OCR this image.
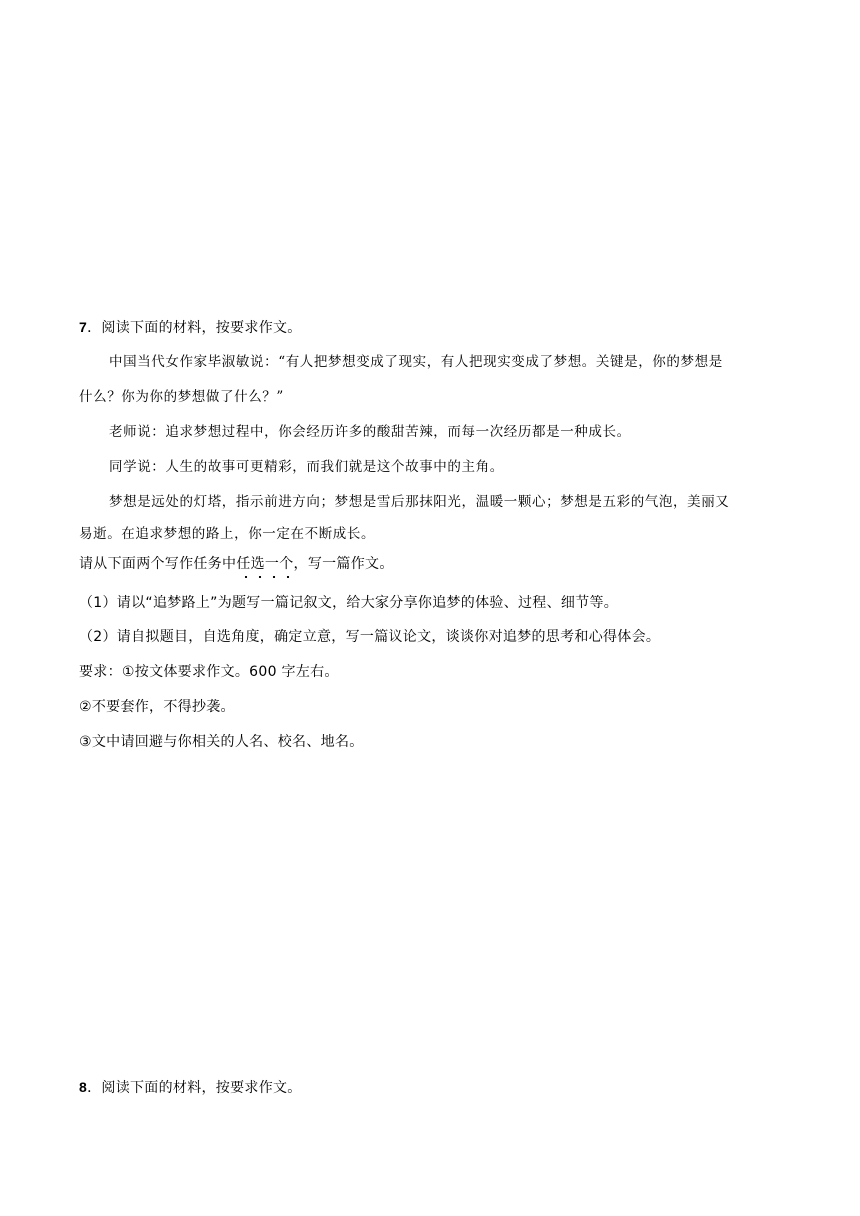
7．阅读下面的材料，按要求作文。
中国当代女作家毕淑敏说：“有人把梦想变成了现实，有人把现实变成了梦想。关键是，你的梦想是
什么？你为你的梦想做了什么？”
老师说：追求梦想过程中，你会经历许多的酸甜苦辣，而每一次经历都是一种成长。
同学说：人生的故事可更精彩，而我们就是这个故事中的主角。
梦想是远处的灯塔，指示前进方向；梦想是雪后那抹阳光，温暖一颗心；梦想是五彩的气泡，美丽又
易逝。在追求梦想的路上，你一定在不断成长。
请从下面两个写作任务中任选一个，写一篇作文。
（1）请以“追梦路上”为题写一篇记叙文，给大家分享你追梦的体验、过程、细节等。
（2）请自拟题目，自选角度，确定立意，写一篇议论文，谈谈你对追梦的思考和心得体会。
要求：①按文体要求作文。600 字左右。
②不要套作，不得抄袭。
③文中请回避与你相关的人名、校名、地名。
8．阅读下面的材料，按要求作文。
